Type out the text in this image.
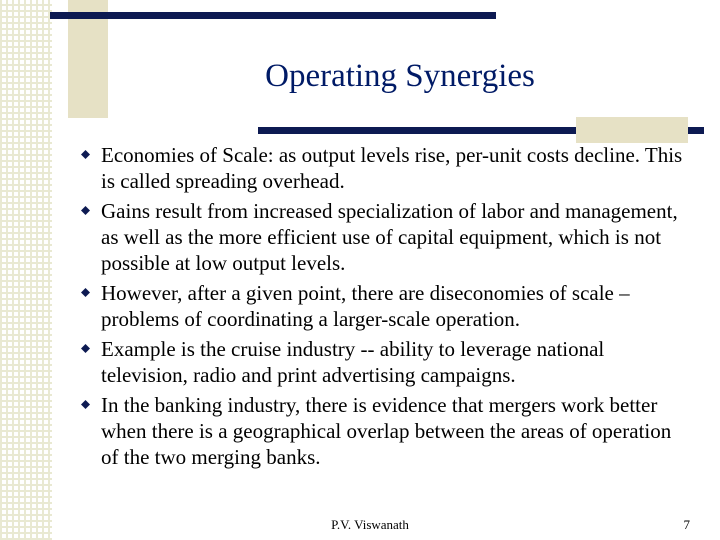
Operating Synergies
Economies of Scale: as output levels rise, per-unit costs decline. This is called spreading overhead.
Gains result from increased specialization of labor and management, as well as the more efficient use of capital equipment, which is not possible at low output levels.
However, after a given point, there are diseconomies of scale – problems of coordinating a larger-scale operation.
Example is the cruise industry -- ability to leverage national television, radio and print advertising campaigns.
In the banking industry, there is evidence that mergers work better when there is a geographical overlap between the areas of operation of the two merging banks.
P.V. Viswanath	7
